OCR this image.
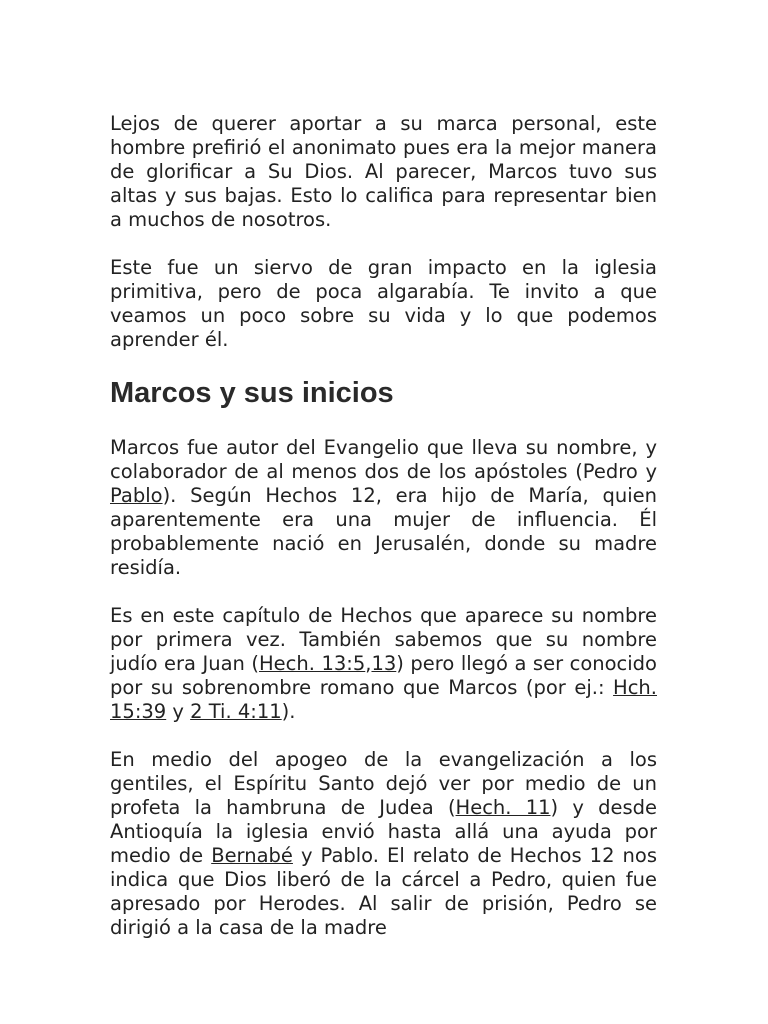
Lejos de querer aportar a su marca personal, este hombre prefirió el anonimato pues era la mejor manera de glorificar a Su Dios. Al parecer, Marcos tuvo sus altas y sus bajas. Esto lo califica para representar bien a muchos de nosotros.

Este fue un siervo de gran impacto en la iglesia primitiva, pero de poca algarabía. Te invito a que veamos un poco sobre su vida y lo que podemos aprender él.

Marcos y sus inicios

Marcos fue autor del Evangelio que lleva su nombre, y colaborador de al menos dos de los apóstoles (Pedro y Pablo). Según Hechos 12, era hijo de María, quien aparentemente era una mujer de influencia. Él probablemente nació en Jerusalén, donde su madre residía.

Es en este capítulo de Hechos que aparece su nombre por primera vez. También sabemos que su nombre judío era Juan (Hech. 13:5,13) pero llegó a ser conocido por su sobrenombre romano que Marcos (por ej.: Hch. 15:39 y 2 Ti. 4:11).

En medio del apogeo de la evangelización a los gentiles, el Espíritu Santo dejó ver por medio de un profeta la hambruna de Judea (Hech. 11) y desde Antioquía la iglesia envió hasta allá una ayuda por medio de Bernabé y Pablo. El relato de Hechos 12 nos indica que Dios liberó de la cárcel a Pedro, quien fue apresado por Herodes. Al salir de prisión, Pedro se dirigió a la casa de la madre
